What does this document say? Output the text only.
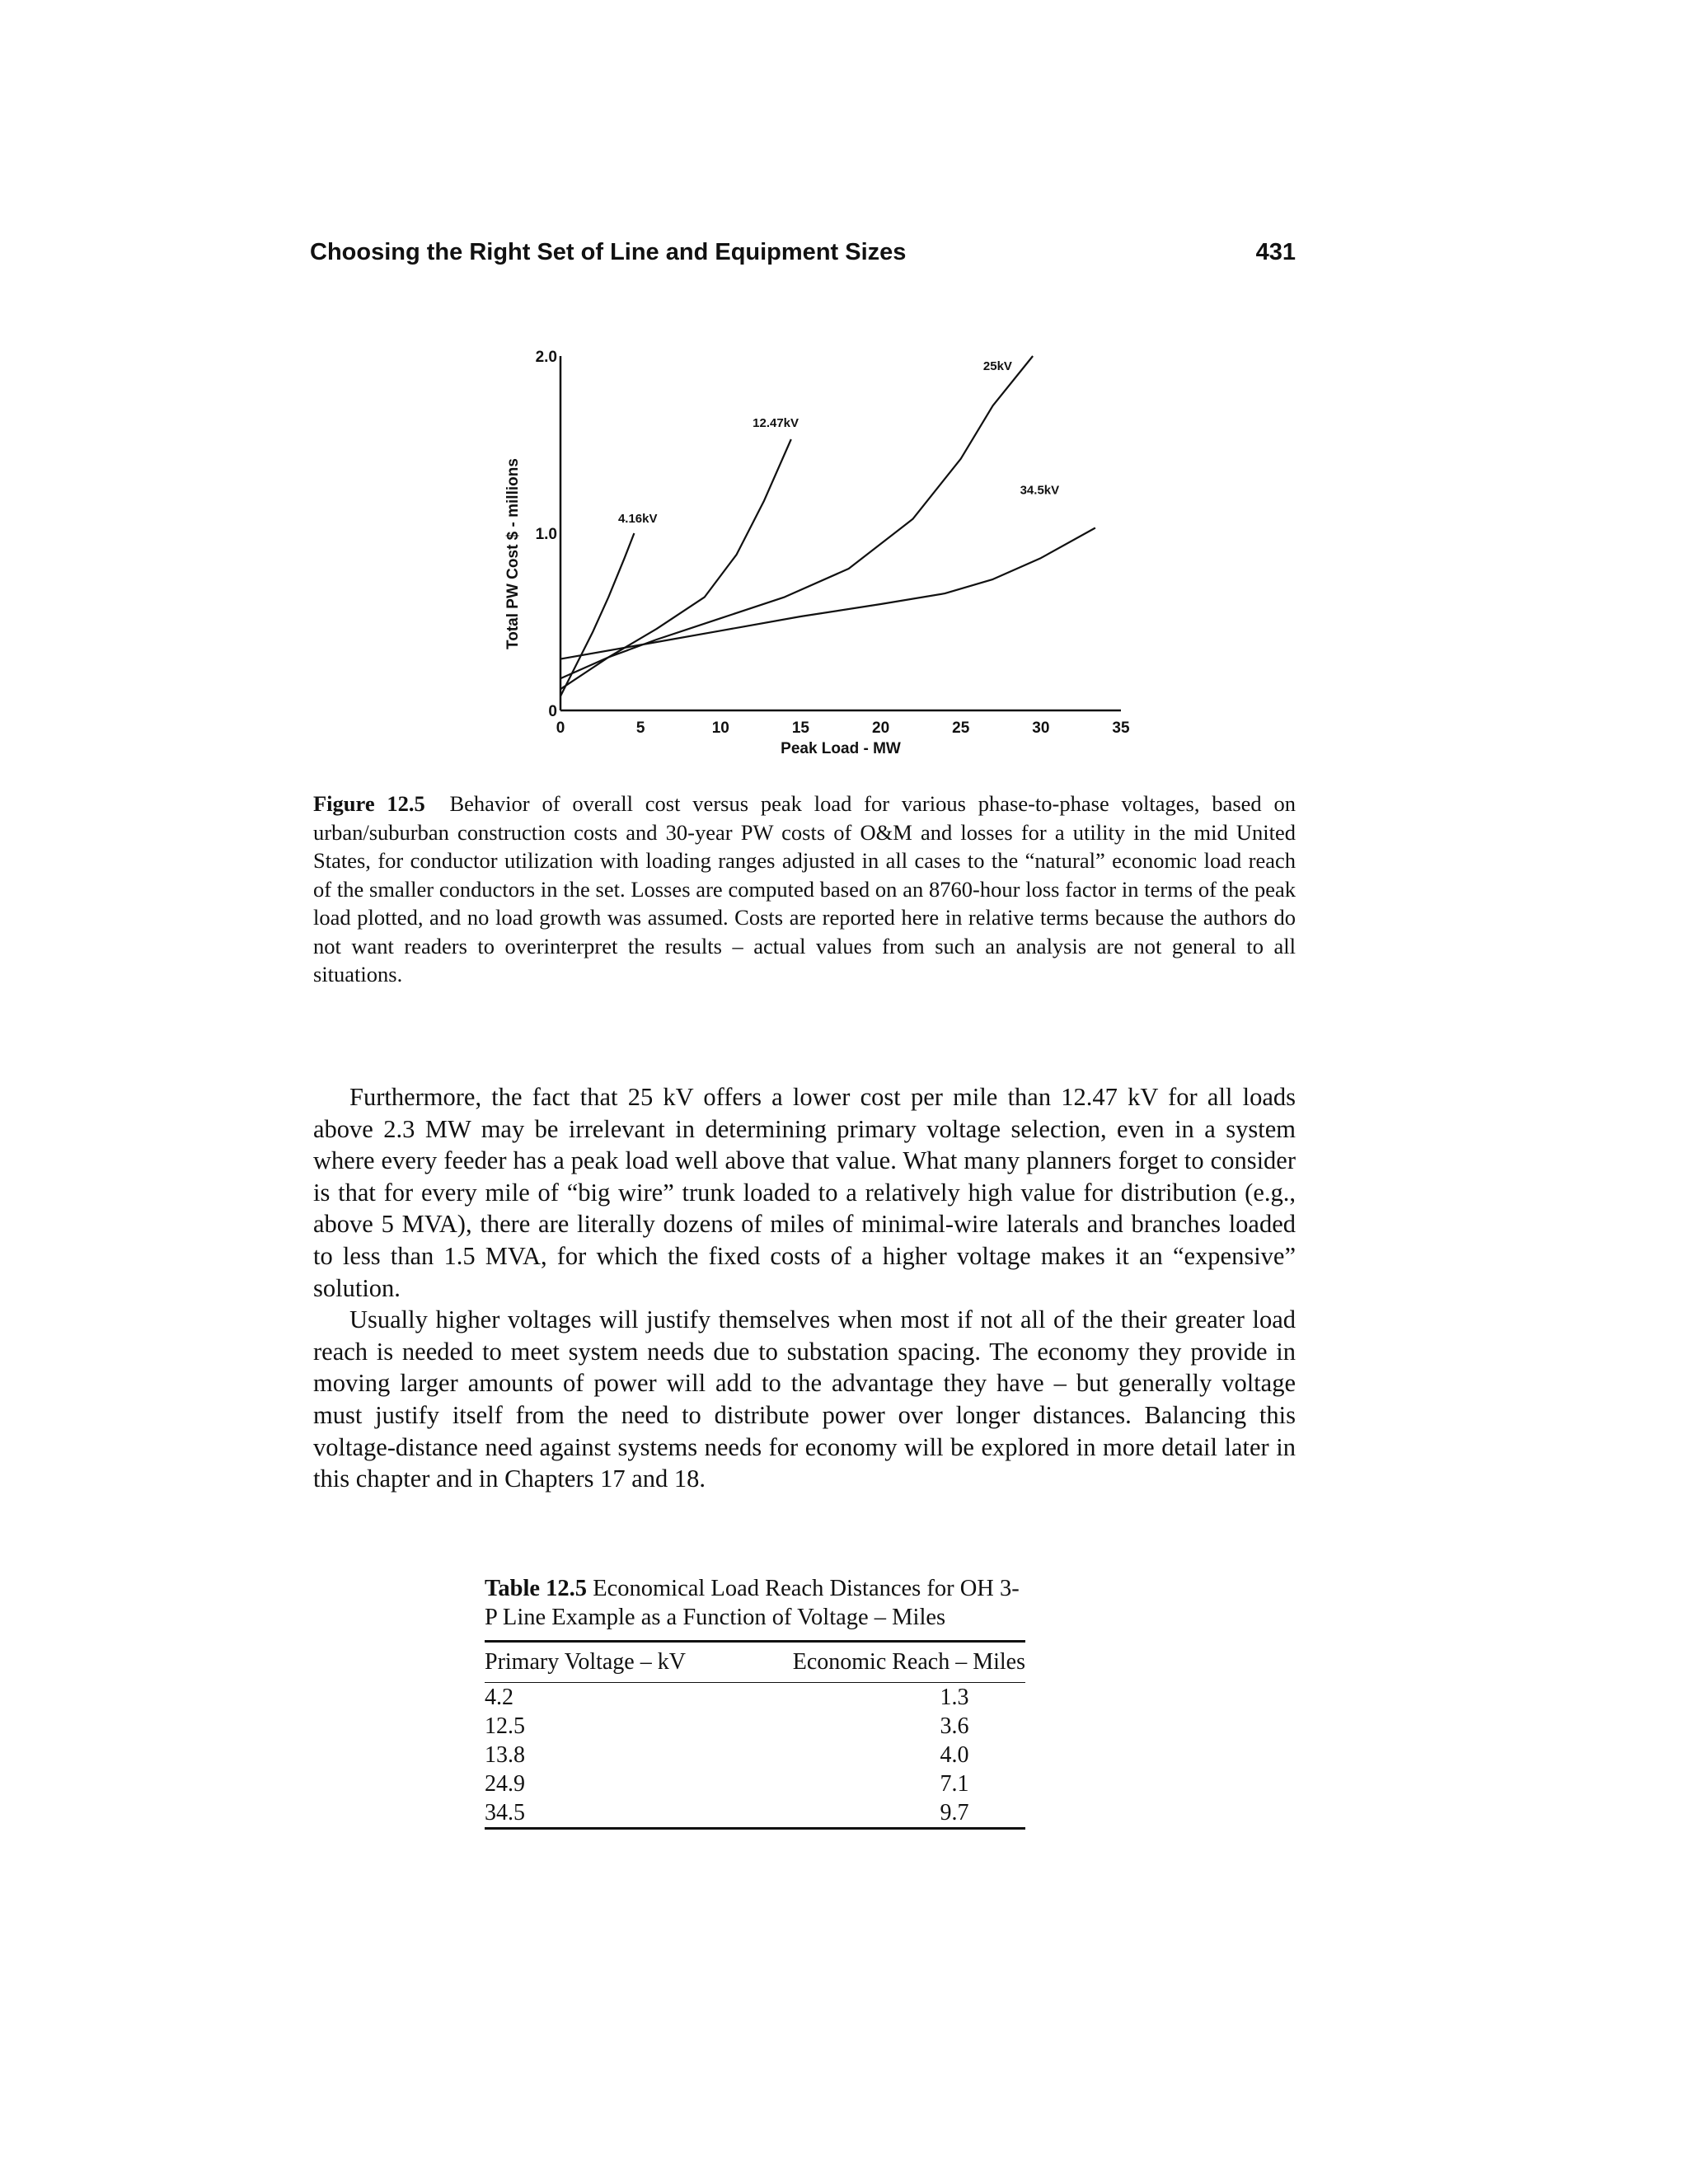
Choosing the Right Set of Line and Equipment Sizes	431
0	5	10	15	20	25	30	35
0
1.0
2.0
Peak Load - MW
Total PW Cost $ - millions	4.16kV
12.47kV
25kV
34.5kV
Figure 12.5 Behavior of overall cost versus peak load for various phase-to-phase voltages, based on urban/suburban construction costs and 30-year PW costs of O&M and losses for a utility in the mid United States, for conductor utilization with loading ranges adjusted in all cases to the “natural” economic load reach of the smaller conductors in the set. Losses are computed based on an 8760-hour loss factor in terms of the peak load plotted, and no load growth was assumed. Costs are reported here in relative terms because the authors do not want readers to overinterpret the results – actual values from such an analysis are not general to all situations.

Furthermore, the fact that 25 kV offers a lower cost per mile than 12.47 kV for all loads above 2.3 MW may be irrelevant in determining primary voltage selection, even in a system where every feeder has a peak load well above that value. What many planners forget to consider is that for every mile of “big wire” trunk loaded to a relatively high value for distribution (e.g., above 5 MVA), there are literally dozens of miles of minimal-wire laterals and branches loaded to less than 1.5 MVA, for which the fixed costs of a higher voltage makes it an “expensive” solution.

Usually higher voltages will justify themselves when most if not all of the their greater load reach is needed to meet system needs due to substation spacing. The economy they provide in moving larger amounts of power will add to the advantage they have – but generally voltage must justify itself from the need to distribute power over longer distances. Balancing this voltage-distance need against systems needs for economy will be explored in more detail later in this chapter and in Chapters 17 and 18.

Table 12.5 Economical Load Reach Distances for OH 3-P Line Example as a Function of Voltage – Miles
Primary Voltage – kV	Economic Reach – Miles
4.2	1.3
12.5	3.6
13.8	4.0
24.9	7.1
34.5	9.7
